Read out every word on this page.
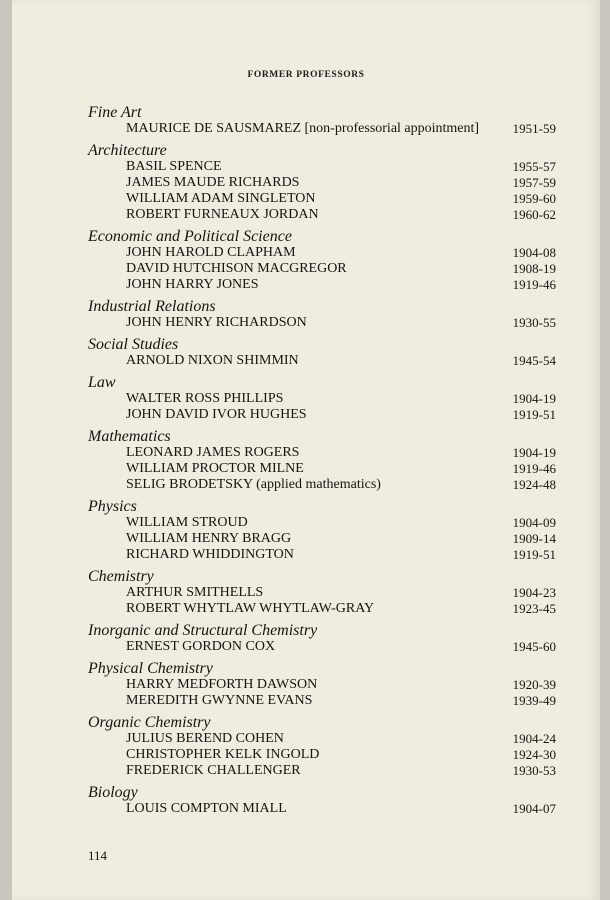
FORMER PROFESSORS
Fine Art
MAURICE DE SAUSMAREZ [non-professorial appointment]	1951-59
Architecture
BASIL SPENCE	1955-57
JAMES MAUDE RICHARDS	1957-59
WILLIAM ADAM SINGLETON	1959-60
ROBERT FURNEAUX JORDAN	1960-62
Economic and Political Science
JOHN HAROLD CLAPHAM	1904-08
DAVID HUTCHISON MACGREGOR	1908-19
JOHN HARRY JONES	1919-46
Industrial Relations
JOHN HENRY RICHARDSON	1930-55
Social Studies
ARNOLD NIXON SHIMMIN	1945-54
Law
WALTER ROSS PHILLIPS	1904-19
JOHN DAVID IVOR HUGHES	1919-51
Mathematics
LEONARD JAMES ROGERS	1904-19
WILLIAM PROCTOR MILNE	1919-46
SELIG BRODETSKY (applied mathematics)	1924-48
Physics
WILLIAM STROUD	1904-09
WILLIAM HENRY BRAGG	1909-14
RICHARD WHIDDINGTON	1919-51
Chemistry
ARTHUR SMITHELLS	1904-23
ROBERT WHYTLAW WHYTLAW-GRAY	1923-45
Inorganic and Structural Chemistry
ERNEST GORDON COX	1945-60
Physical Chemistry
HARRY MEDFORTH DAWSON	1920-39
MEREDITH GWYNNE EVANS	1939-49
Organic Chemistry
JULIUS BEREND COHEN	1904-24
CHRISTOPHER KELK INGOLD	1924-30
FREDERICK CHALLENGER	1930-53
Biology
LOUIS COMPTON MIALL	1904-07
114
